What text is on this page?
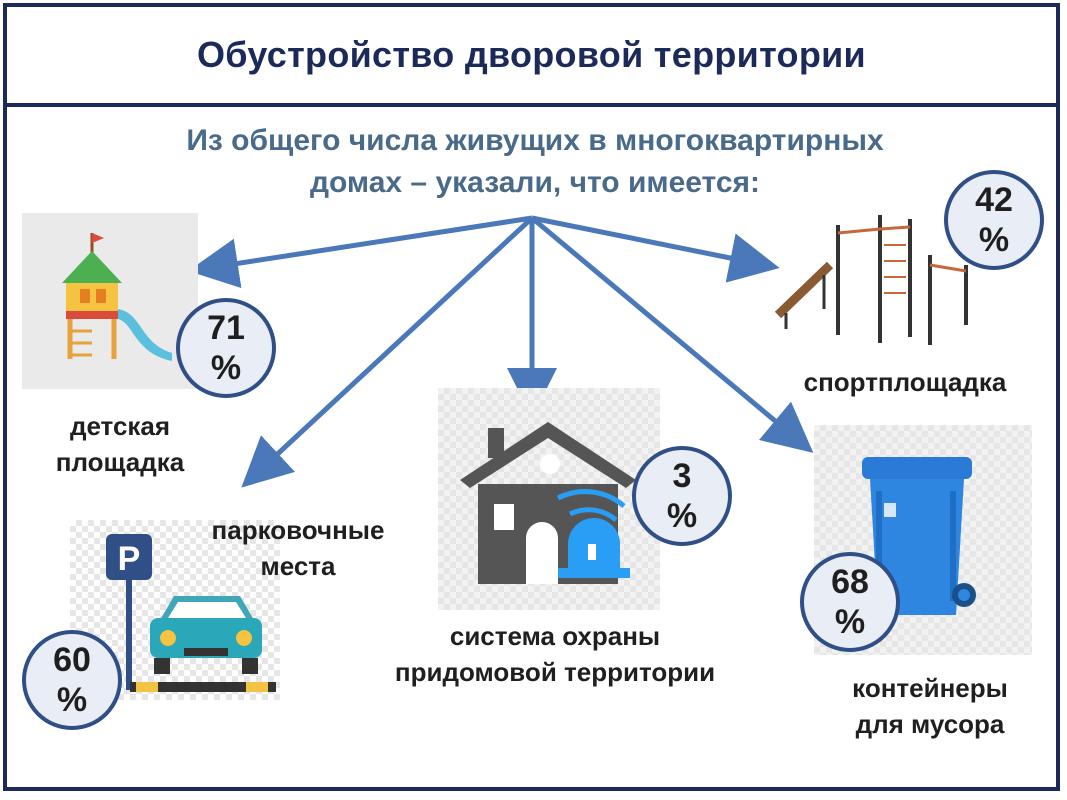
Обустройство дворовой территории
Из общего числа живущих в многоквартирных
домах – указали, что имеется:
P
детская
площадка
спортплощадка
парковочные
места
система охраны
придомовой территории
контейнеры
для мусора
71
%
42
%
60
%
3
%
68
%
